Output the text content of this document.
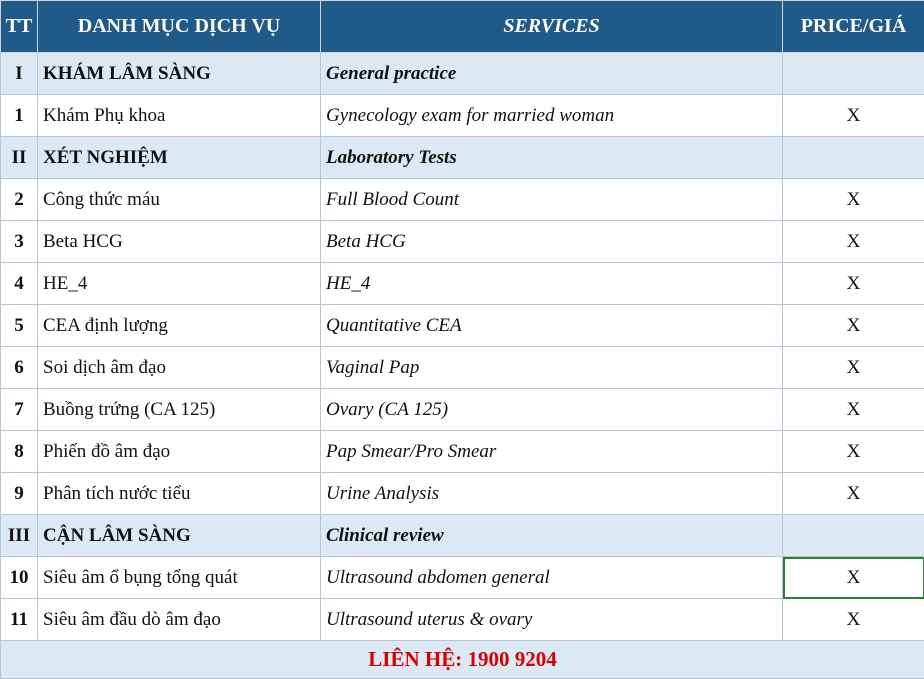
TT	DANH MỤC DỊCH VỤ	SERVICES	PRICE/GIÁ
I	KHÁM LÂM SÀNG	General practice	
1	Khám Phụ khoa	Gynecology exam for married woman	X
II	XÉT NGHIỆM	Laboratory Tests	
2	Công thức máu	Full Blood Count	X
3	Beta HCG	Beta HCG	X
4	HE_4	HE_4	X
5	CEA định lượng	Quantitative CEA	X
6	Soi dịch âm đạo	Vaginal Pap	X
7	Buồng trứng (CA 125)	Ovary (CA 125)	X
8	Phiến đồ âm đạo	Pap Smear/Pro Smear	X
9	Phân tích nước tiểu	Urine Analysis	X
III	CẬN LÂM SÀNG	Clinical review	
10	Siêu âm ổ bụng tổng quát	Ultrasound abdomen general	X
11	Siêu âm đầu dò âm đạo	Ultrasound uterus & ovary	X
LIÊN HỆ: 1900 9204			
